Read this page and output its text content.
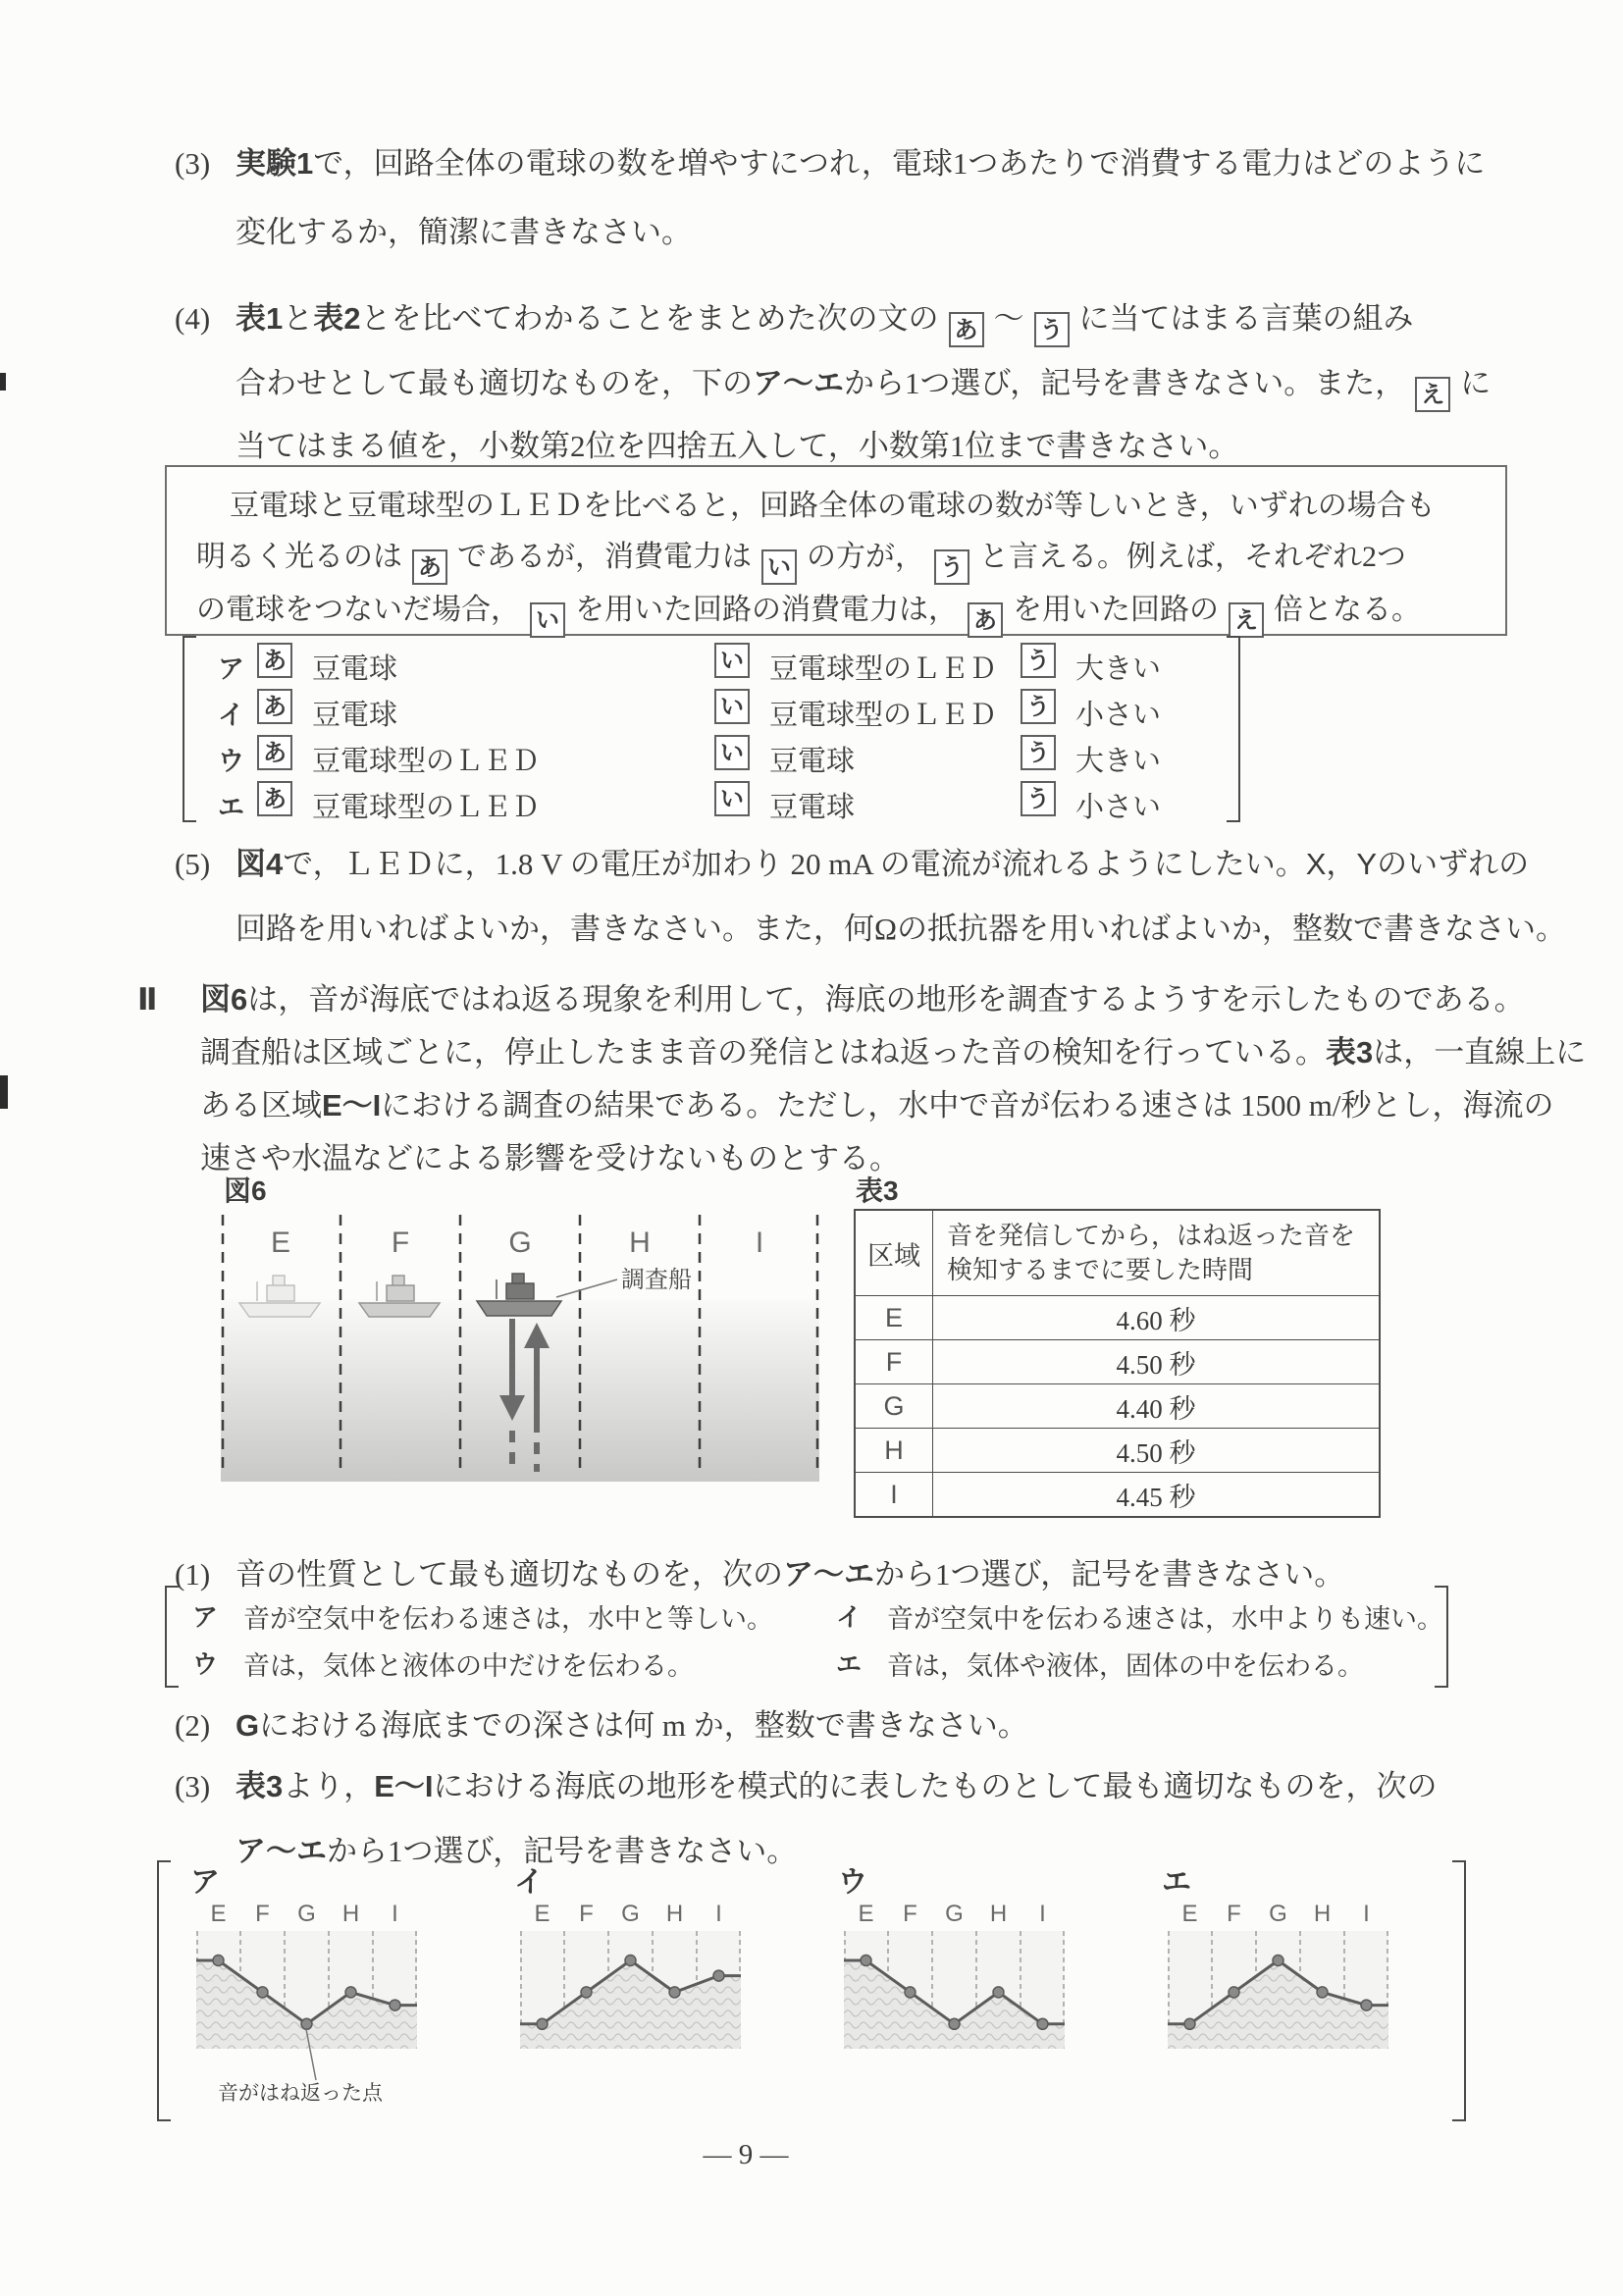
(3) 実験1で，回路全体の電球の数を増やすにつれ，電球1つあたりで消費する電力はどのように
変化するか，簡潔に書きなさい。
(4) 表1と表2とを比べてわかることをまとめた次の文の あ ～ う に当てはまる言葉の組み
合わせとして最も適切なものを，下のア～エから1つ選び，記号を書きなさい。また， え に
当てはまる値を，小数第2位を四捨五入して，小数第1位まで書きなさい。
豆電球と豆電球型のＬＥＤを比べると，回路全体の電球の数が等しいとき，いずれの場合も
明るく光るのは あ であるが，消費電力は い の方が， う と言える。例えば，それぞれ2つ
の電球をつないだ場合， い を用いた回路の消費電力は， あ を用いた回路の え 倍となる。
ア あ 豆電球	い 豆電球型のＬＥＤ う 大きい
イ あ 豆電球	い 豆電球型のＬＥＤ う 小さい
ウ あ 豆電球型のＬＥＤ	い 豆電球	う 大きい
エ あ 豆電球型のＬＥＤ	い 豆電球	う 小さい
(5) 図4で，ＬＥＤに，1.8 V の電圧が加わり 20 mA の電流が流れるようにしたい。X，Yのいずれの
回路を用いればよいか，書きなさい。また，何Ωの抵抗器を用いればよいか，整数で書きなさい。
Ⅱ 図6は，音が海底ではね返る現象を利用して，海底の地形を調査するようすを示したものである。
調査船は区域ごとに，停止したまま音の発信とはね返った音の検知を行っている。表3は，一直線上に
ある区域E～Iにおける調査の結果である。ただし，水中で音が伝わる速さは 1500 m/秒とし，海流の
速さや水温などによる影響を受けないものとする。
図6
E	F	G	H	I
調査船
表3
区域
音を発信してから，はね返った音を
検知するまでに要した時間
E	4.60 秒
F	4.50 秒
G	4.40 秒
H	4.50 秒
I	4.45 秒
(1) 音の性質として最も適切なものを，次のア～エから1つ選び，記号を書きなさい。
ア 音が空気中を伝わる速さは，水中と等しい。 イ 音が空気中を伝わる速さは，水中よりも速い。
ウ 音は，気体と液体の中だけを伝わる。	エ 音は，気体や液体，固体の中を伝わる。
(2) Gにおける海底までの深さは何 m か，整数で書きなさい。
(3) 表3より，E～Iにおける海底の地形を模式的に表したものとして最も適切なものを，次の
ア～エから1つ選び，記号を書きなさい。
ア
E F G H I
イ
E F G H I
ウ
E F G H I
エ
E F G H I
音がはね返った点
— 9 —
